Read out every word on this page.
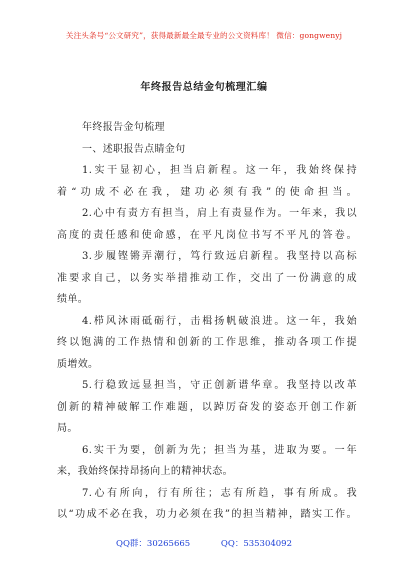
关注头条号“公文研究”，获得最新最全最专业的公文资料库！ 微信：gongwenyj
年终报告总结金句梳理汇编
年终报告金句梳理
一、述职报告点睛金句
1.实干显初心，担当启新程。这一年，我始终保持
着“功成不必在我，建功必须有我”的使命担当。
2.心中有责方有担当，肩上有责显作为。一年来，我以
高度的责任感和使命感，在平凡岗位书写不平凡的答卷。
3.步履铿锵弄潮行，笃行致远启新程。我坚持以高标
准要求自己，以务实举措推动工作，交出了一份满意的成
绩单。
4.栉风沐雨砥砺行，击楫扬帆破浪进。这一年，我始
终以饱满的工作热情和创新的工作思维，推动各项工作提
质增效。
5.行稳致远显担当，守正创新谱华章。我坚持以改革
创新的精神破解工作难题，以踔厉奋发的姿态开创工作新
局。
6.实干为要，创新为先；担当为基，进取为要。一年
来，我始终保持昂扬向上的精神状态。
7.心有所向，行有所往；志有所趋，事有所成。我
以“功成不必在我，功力必须在我”的担当精神，踏实工作。
QQ群：30265665	QQ：535304092
